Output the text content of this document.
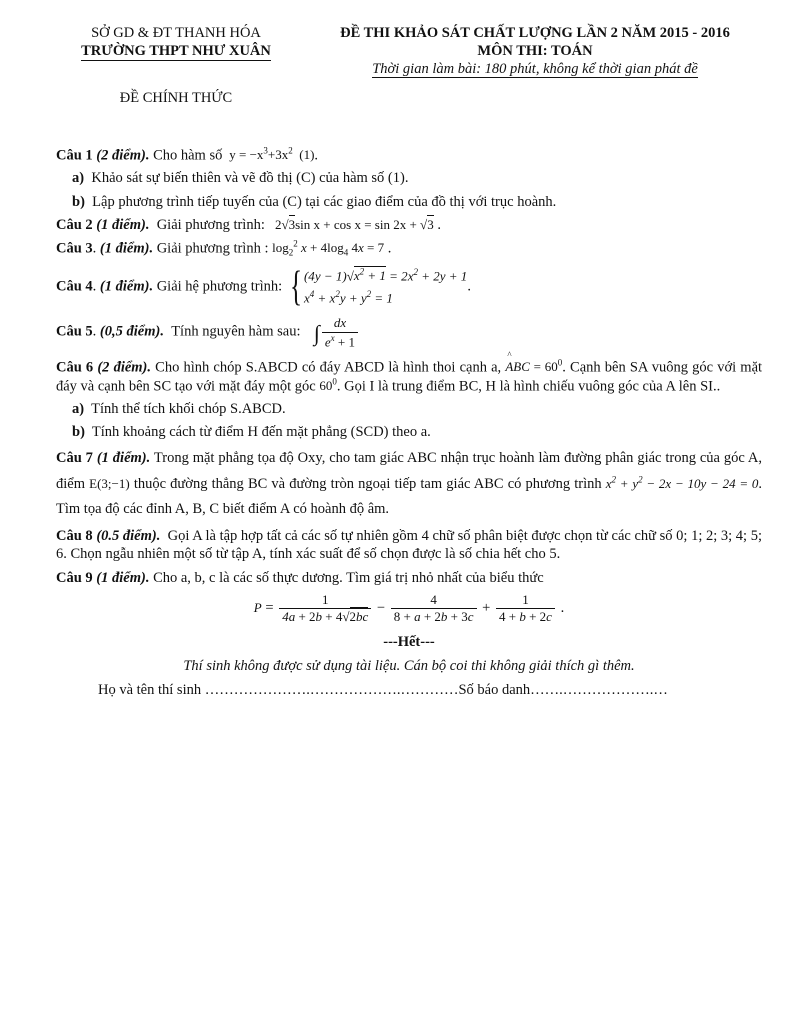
SỞ GD & ĐT THANH HÓA
TRƯỜNG THPT NHƯ XUÂN
ĐỀ CHÍNH THỨC
ĐỀ THI KHẢO SÁT CHẤT LƯỢNG LẦN 2 NĂM 2015 - 2016
MÔN THI: TOÁN
Thời gian làm bài: 180 phút, không kể thời gian phát đề

Câu 1 (2 điểm). Cho hàm số  $y = -x^3+3x^2$  (1).

a) Khảo sát sự biến thiên và vẽ đồ thị (C) của hàm số (1).

b) Lập phương trình tiếp tuyến của (C) tại các giao điểm của đồ thị với trục hoành.

Câu 2 (1 điểm). Giải phương trình:   2√3sin x + cos x = sin 2x + √3 .

Câu 3. (1 điểm). Giải phương trình : $\log_2^2 x + 4\log_4$ 4x = 7 .

Câu 4. (1 điểm). Giải hệ phương trình: { $(4y - 1)√x^2 + 1 = 2x^2 + 2y + 1$
$x^4 + x^2y + y^2 = 1$
.

Câu 5. (0,5 điểm). Tính nguyên hàm sau: ∫ $\frac{dx}{e^x + 1}$

Câu 6 (2 điểm). Cho hình chóp S.ABCD có đáy ABCD là hình thoi cạnh a, ^ ABC = $60^0$. Cạnh bên SA vuông góc với mặt đáy và cạnh bên SC tạo với mặt đáy một góc $60^0$. Gọi I là trung điểm BC, H là hình chiếu vuông góc của A lên SI..

a) Tính thể tích khối chóp S.ABCD.

b) Tính khoảng cách từ điểm H đến mặt phẳng (SCD) theo a.

Câu 7 (1 điểm). Trong mặt phẳng tọa độ Oxy, cho tam giác ABC nhận trục hoành làm đường phân giác trong của góc A, điểm E(3;−1) thuộc đường thẳng BC và đường tròn ngoại tiếp tam giác ABC có phương trình $x^2 + y^2 - 2x - 10y - 24 = 0$. Tìm tọa độ các đỉnh A, B, C biết điểm A có hoành độ âm.

Câu 8 (0.5 điểm). Gọi A là tập hợp tất cả các số tự nhiên gồm 4 chữ số phân biệt được chọn từ các chữ số 0; 1; 2; 3; 4; 5; 6. Chọn ngẫu nhiên một số từ tập A, tính xác suất để số chọn được là số chia hết cho 5.

Câu 9 (1 điểm). Cho a, b, c là các số thực dương. Tìm giá trị nhỏ nhất của biểu thức

$P = \frac{1}{4a + 2b + 4√2bc} - \frac{4}{8 + a + 2b + 3c} + \frac{1}{4 + b + 2c}$ .
---Hết---
Thí sinh không được sử dụng tài liệu. Cán bộ coi thi không giải thích gì thêm.
Họ và tên thí sinh ………………….……………….…………Số báo danh…….……………….…
